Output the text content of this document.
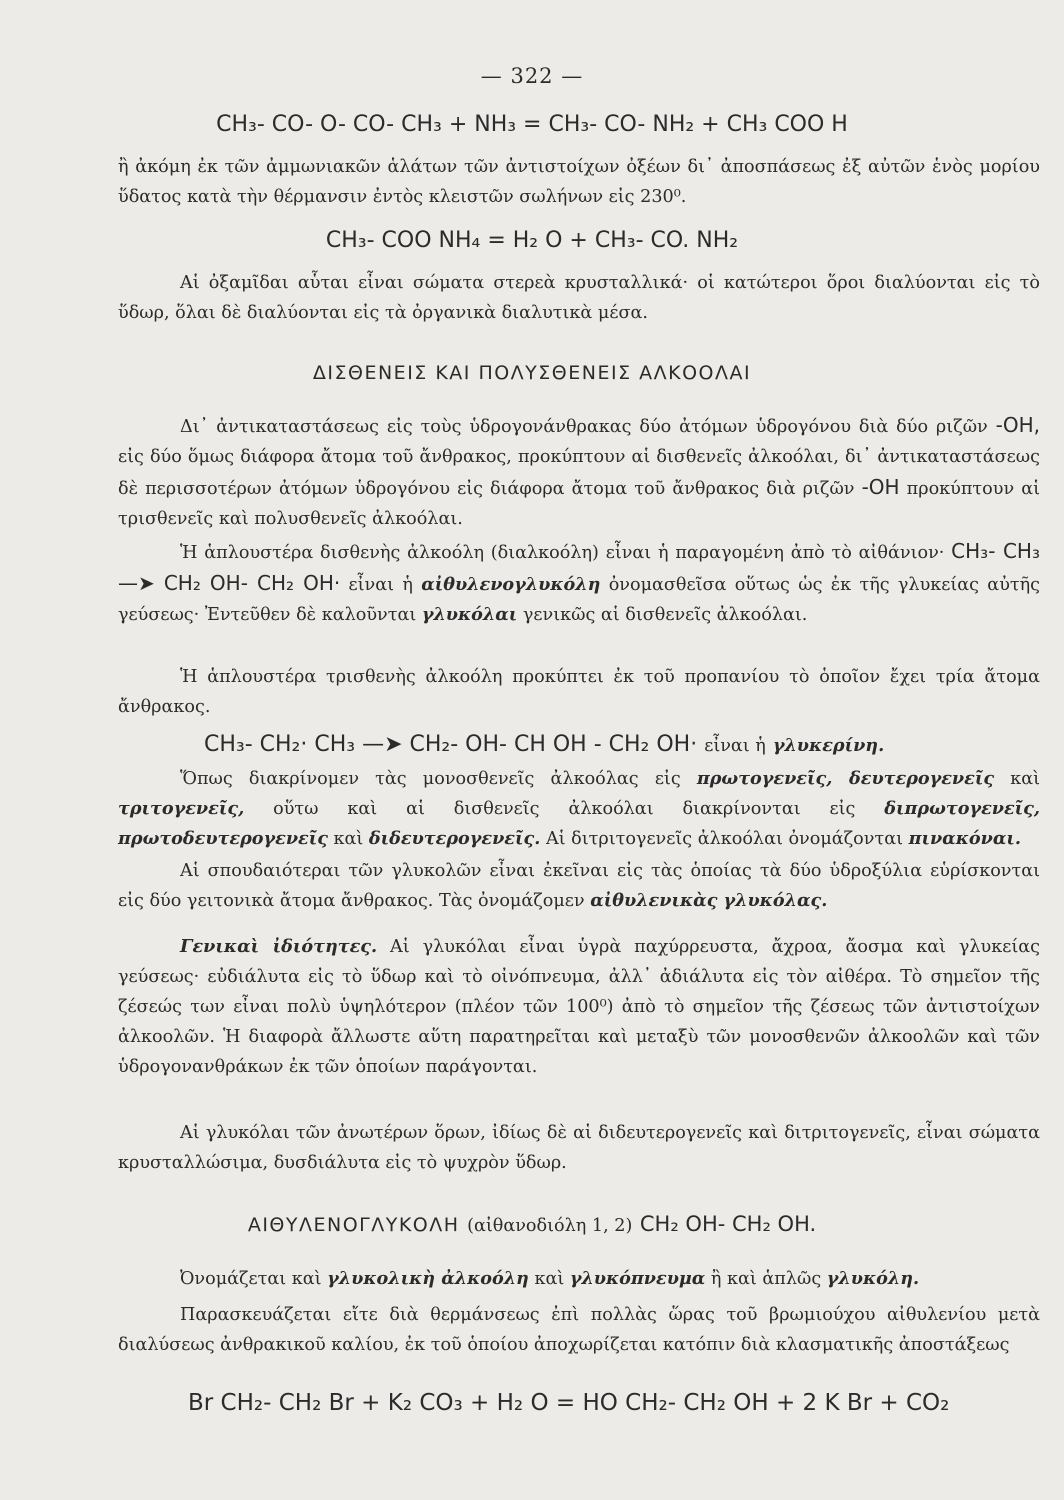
— 322 —
CH₃- CO- O- CO- CH₃ + NH₃ = CH₃- CO- NH₂ + CH₃ COO H
ἢ ἀκόμη ἐκ τῶν ἀμμωνιακῶν ἁλάτων τῶν ἀντιστοίχων ὀξέων δι᾽ ἀποσπάσεως ἐξ αὐτῶν ἑνὸς μορίου ὕδατος κατὰ τὴν θέρμανσιν ἐντὸς κλειστῶν σωλήνων εἰς 230⁰.
CH₃- COO NH₄ = H₂ O + CH₃- CO. NH₂
Αἱ ὀξαμῖδαι αὗται εἶναι σώματα στερεὰ κρυσταλλικά· οἱ κατώτεροι ὅροι διαλύονται εἰς τὸ ὕδωρ, ὅλαι δὲ διαλύονται εἰς τὰ ὀργανικὰ διαλυτικὰ μέσα.
ΔΙΣΘΕΝΕΙΣ ΚΑΙ ΠΟΛΥΣΘΕΝΕΙΣ ΑΛΚΟΟΛΑΙ
Δι᾽ ἀντικαταστάσεως εἰς τοὺς ὑδρογονάνθρακας δύο ἀτόμων ὑδρογόνου διὰ δύο ριζῶν -OH, εἰς δύο ὅμως διάφορα ἄτομα τοῦ ἄνθρακος, προκύπτουν αἱ δισθενεῖς ἀλκοόλαι, δι᾽ ἀντικαταστάσεως δὲ περισσοτέρων ἀτόμων ὑδρογόνου εἰς διάφορα ἄτομα τοῦ ἄνθρακος διὰ ριζῶν -OH προκύπτουν αἱ τρισθενεῖς καὶ πολυσθενεῖς ἀλκοόλαι.
Ἡ ἁπλουστέρα δισθενὴς ἀλκοόλη (διαλκοόλη) εἶναι ἡ παραγομένη ἀπὸ τὸ αἰθάνιον· CH₃- CH₃ —➤ CH₂ OH- CH₂ OH· εἶναι ἡ αἰθυλενογλυκόλη ὀνομασθεῖσα οὕτως ὡς ἐκ τῆς γλυκείας αὐτῆς γεύσεως· Ἐντεῦθεν δὲ καλοῦνται γλυκόλαι γενικῶς αἱ δισθενεῖς ἀλκοόλαι.
Ἡ ἁπλουστέρα τρισθενὴς ἀλκοόλη προκύπτει ἐκ τοῦ προπανίου τὸ ὁποῖον ἔχει τρία ἄτομα ἄνθρακος.
CH₃- CH₂· CH₃ —➤ CH₂- OH- CH OH - CH₂ OH· εἶναι ἡ γλυκερίνη.
Ὅπως διακρίνομεν τὰς μονοσθενεῖς ἀλκοόλας εἰς πρωτογενεῖς, δευτερογενεῖς καὶ τριτογενεῖς, οὕτω καὶ αἱ δισθενεῖς ἀλκοόλαι διακρίνονται εἰς διπρωτογενεῖς, πρωτοδευτερογενεῖς καὶ διδευτερογενεῖς. Αἱ διτριτογενεῖς ἀλκοόλαι ὀνομάζονται πινακόναι.
Αἱ σπουδαιότεραι τῶν γλυκολῶν εἶναι ἐκεῖναι εἰς τὰς ὁποίας τὰ δύο ὑδροξύλια εὑρίσκονται εἰς δύο γειτονικὰ ἄτομα ἄνθρακος. Τὰς ὀνομάζομεν αἰθυλενικὰς γλυκόλας.
Γενικαὶ ἰδιότητες. Αἱ γλυκόλαι εἶναι ὑγρὰ παχύρρευστα, ἄχροα, ἄοσμα καὶ γλυκείας γεύσεως· εὐδιάλυτα εἰς τὸ ὕδωρ καὶ τὸ οἰνόπνευμα, ἀλλ᾽ ἀδιάλυτα εἰς τὸν αἰθέρα. Τὸ σημεῖον τῆς ζέσεώς των εἶναι πολὺ ὑψηλότερον (πλέον τῶν 100⁰) ἀπὸ τὸ σημεῖον τῆς ζέσεως τῶν ἀντιστοίχων ἀλκοολῶν. Ἡ διαφορὰ ἄλλωστε αὕτη παρατηρεῖται καὶ μεταξὺ τῶν μονοσθενῶν ἀλκοολῶν καὶ τῶν ὑδρογονανθράκων ἐκ τῶν ὁποίων παράγονται.
Αἱ γλυκόλαι τῶν ἀνωτέρων ὅρων, ἰδίως δὲ αἱ διδευτερογενεῖς καὶ διτριτογενεῖς, εἶναι σώματα κρυσταλλώσιμα, δυσδιάλυτα εἰς τὸ ψυχρὸν ὕδωρ.
ΑΙΘΥΛΕΝΟΓΛΥΚΟΛΗ (αἰθανοδιόλη 1, 2) CH₂ OH- CH₂ OH.
Ὀνομάζεται καὶ γλυκολικὴ ἀλκοόλη καὶ γλυκόπνευμα ἢ καὶ ἁπλῶς γλυκόλη.
Παρασκευάζεται εἴτε διὰ θερμάνσεως ἐπὶ πολλὰς ὥρας τοῦ βρωμιούχου αἰθυλενίου μετὰ διαλύσεως ἀνθρακικοῦ καλίου, ἐκ τοῦ ὁποίου ἀποχωρίζεται κατόπιν διὰ κλασματικῆς ἀποστάξεως
Br CH₂- CH₂ Br + K₂ CO₃ + H₂ O = HO CH₂- CH₂ OH + 2 K Br + CO₂
